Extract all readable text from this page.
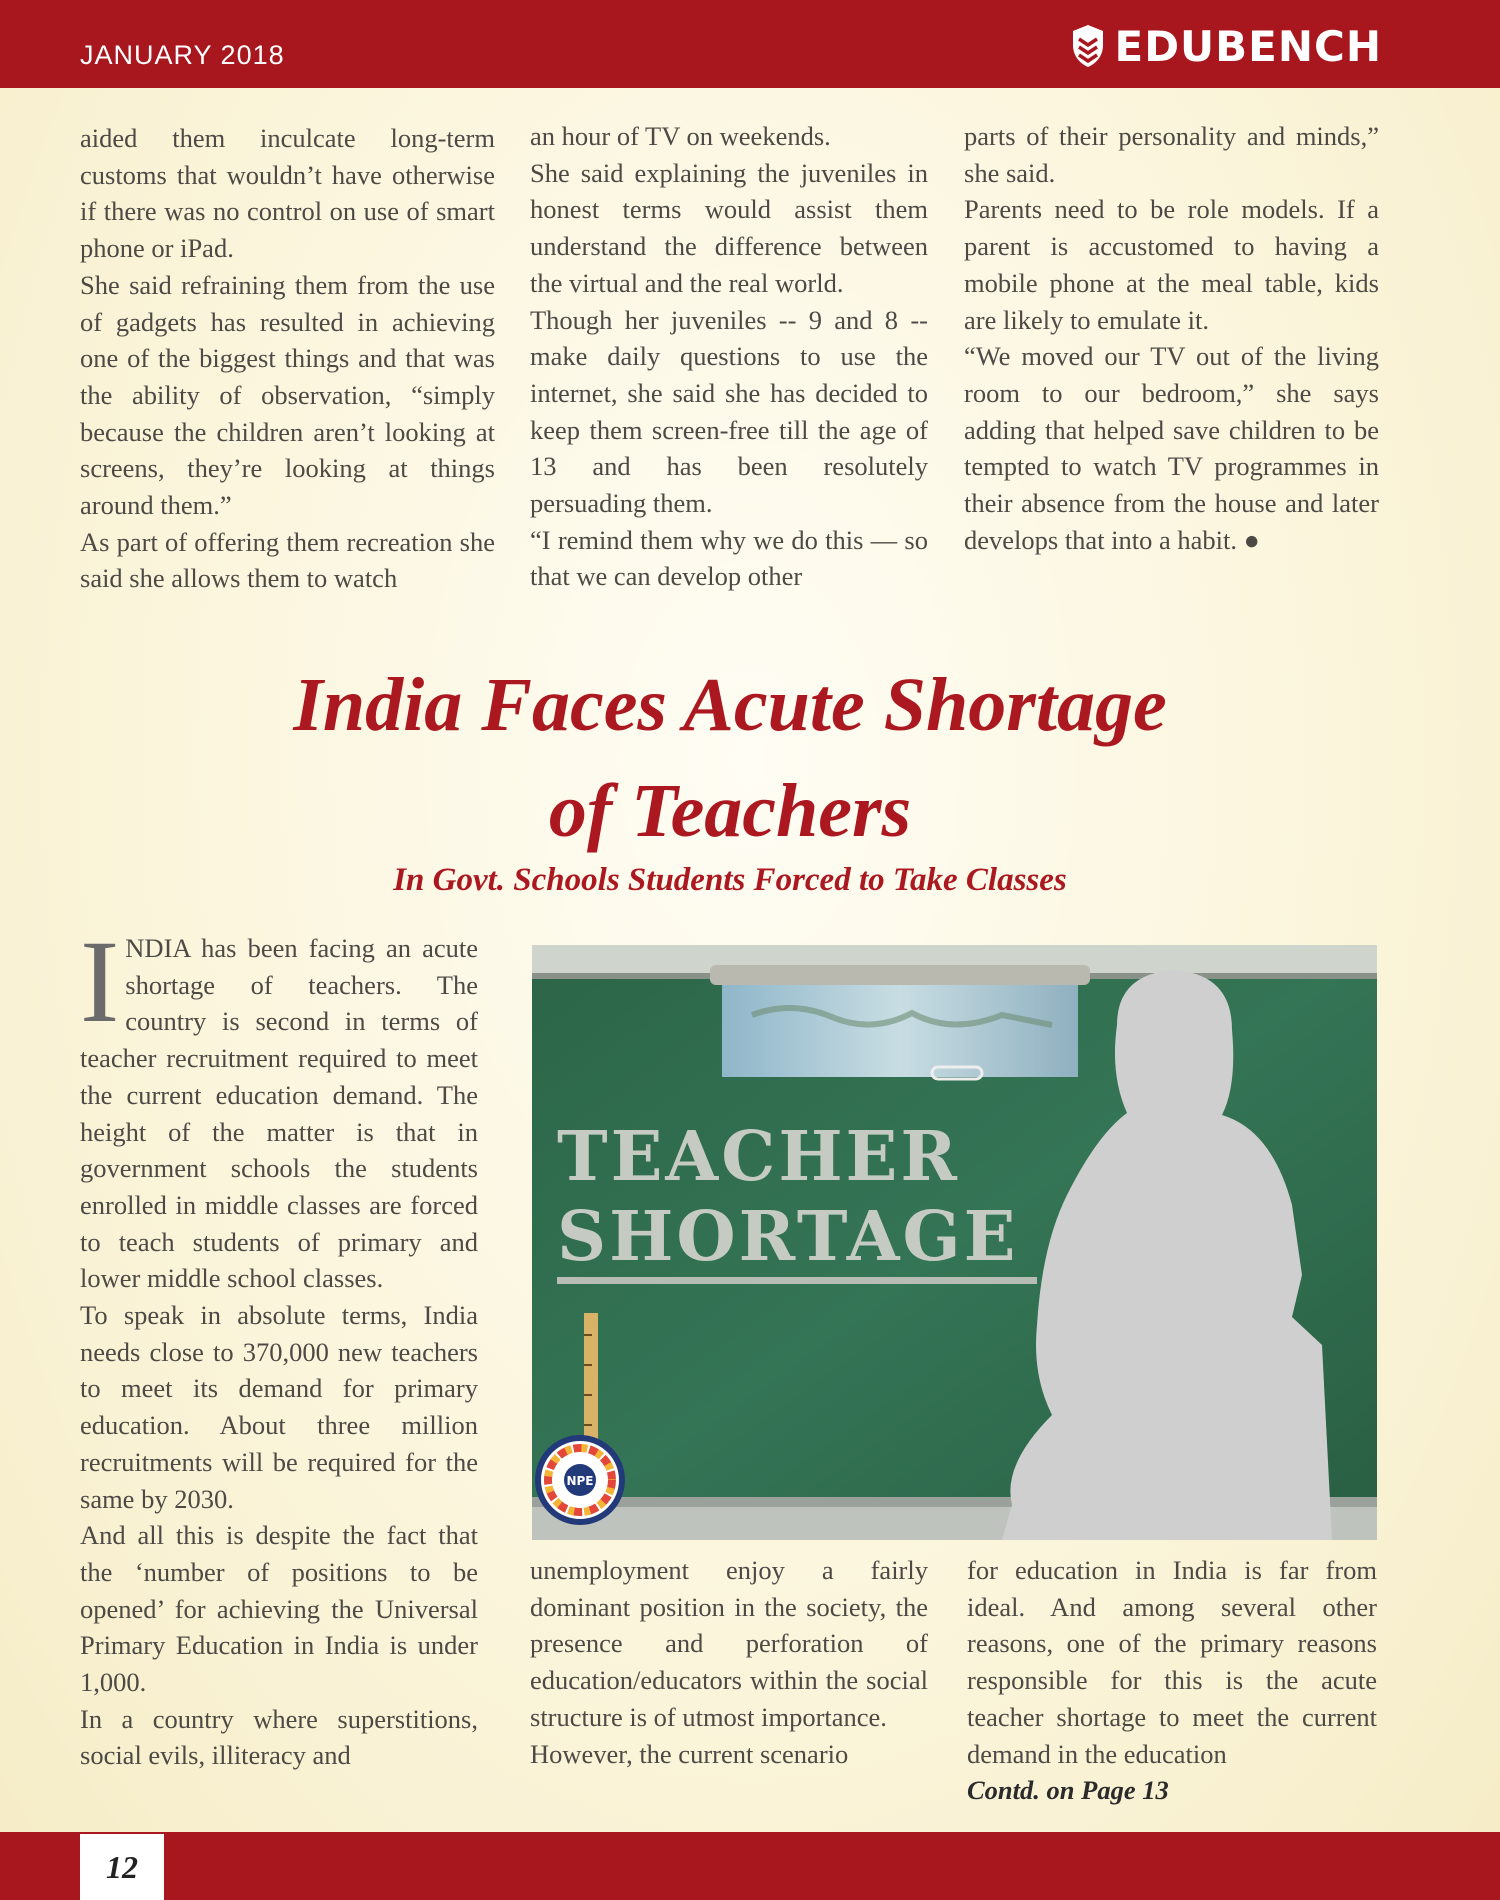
JANUARY 2018	EDUBENCH

aided them inculcate long-term customs that wouldn’t have otherwise if there was no control on use of smart phone or iPad.

She said refraining them from the use of gadgets has resulted in achieving one of the biggest things and that was the ability of observation, “simply because the children aren’t looking at screens, they’re looking at things around them.”

As part of offering them recreation she said she allows them to watch

an hour of TV on weekends.

She said explaining the juveniles in honest terms would assist them understand the difference between the virtual and the real world.

Though her juveniles -- 9 and 8 -- make daily questions to use the internet, she said she has decided to keep them screen-free till the age of 13 and has been resolutely persuading them.

“I remind them why we do this — so that we can develop other

parts of their personality and minds,” she said.

Parents need to be role models. If a parent is accustomed to having a mobile phone at the meal table, kids are likely to emulate it.

“We moved our TV out of the living room to our bedroom,” she says adding that helped save children to be tempted to watch TV programmes in their absence from the house and later develops that into a habit. ●

India Faces Acute Shortage
of Teachers
In Govt. Schools Students Forced to Take Classes

INDIA has been facing an acute shortage of teachers. The country is second in terms of teacher recruitment required to meet the current education demand. The height of the matter is that in government schools the students enrolled in middle classes are forced to teach students of primary and lower middle school classes.

To speak in absolute terms, India needs close to 370,000 new teachers to meet its demand for primary education. About three million recruitments will be required for the same by 2030.

And all this is despite the fact that the ‘number of positions to be opened’ for achieving the Universal Primary Education in India is under 1,000.

In a country where superstitions, social evils, illiteracy and

TEACHER
SHORTAGE
NPE

unemployment enjoy a fairly dominant position in the society, the presence and perforation of education/educators within the social structure is of utmost importance.

However, the current scenario

for education in India is far from ideal. And among several other reasons, one of the primary reasons responsible for this is the acute teacher shortage to meet the current demand in the education

Contd. on Page 13

12
